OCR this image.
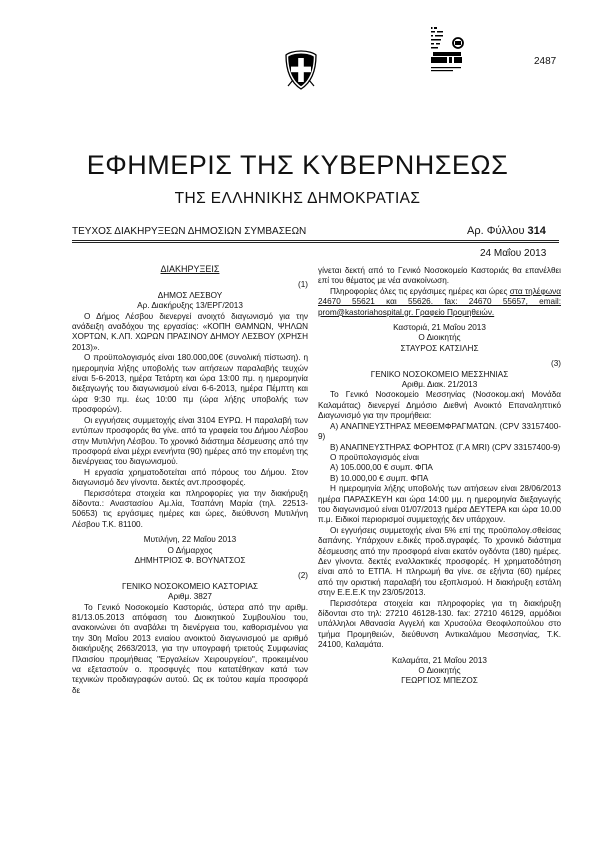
2487
ΕΦΗΜΕΡΙΣ ΤΗΣ ΚΥΒΕΡΝΗΣΕΩΣ
ΤΗΣ ΕΛΛΗΝΙΚΗΣ ΔΗΜΟΚΡΑΤΙΑΣ
ΤΕΥΧΟΣ ΔΙΑΚΗΡΥΞΕΩΝ ΔΗΜΟΣΙΩΝ ΣΥΜΒΑΣΕΩΝ	Αρ. Φύλλου 314
24 Μαΐου 2013

ΔΙΑΚΗΡΥΞΕΙΣ

(1)

ΔΗΜΟΣ ΛΕΣΒΟΥ

Αρ. Διακήρυξης 13/ΕΡΓ/2013

Ο Δήμος Λέσβου διενεργεί ανοιχτό διαγωνισμό για την ανάδειξη αναδόχου της εργασίας: «ΚΟΠΗ ΘΑΜΝΩΝ, ΨΗΛΩΝ ΧΟΡΤΩΝ, Κ.ΛΠ. ΧΩΡΩΝ ΠΡΑΣΙΝΟΥ ΔΗΜΟΥ ΛΕΣΒΟΥ (ΧΡΗΣΗ 2013)».

Ο προϋπολογισμός είναι 180.000,00€ (συνολική πίστωση). η ημερομηνία λήξης υποβολής των αιτήσεων παραλαβής τευχών είναι 5-6-2013, ημέρα Τετάρτη και ώρα 13:00 πμ. η ημερομηνία διεξαγωγής του διαγωνισμού είναι 6-6-2013, ημέρα Πέμπτη και ώρα 9:30 πμ. έως 10:00 πμ (ώρα λήξης υποβολής των προσφορών).

Οι εγγυήσεις συμμετοχής είναι 3104 ΕΥΡΩ. Η παραλαβή των εντύπων προσφοράς θα γίνε. από τα γραφεία του Δήμου Λέσβου στην Μυτιλήνη Λέσβου. Το χρονικό διάστημα δέσμευσης από την προσφορά είναι μέχρι ενενήντα (90) ημέρες από την επομένη της διενέργειας του διαγωνισμού.

Η εργασία χρηματοδοτείται από πόρους του Δήμου. Στον διαγωνισμό δεν γίνοντα. δεκτές αντ.προσφορές.

Περισσότερα στοιχεία και πληροφορίες για την διακήρυξη δίδοντα.: Αναστασίου Αμ.λία, Τσαπάνη Μαρία (τηλ. 22513-50653) τις εργάσιμες ημέρες και ώρες, διεύθυνση Μυτιλήνη Λέσβου Τ.Κ. 81100.

Μυτιλήνη, 22 Μαΐου 2013

Ο Δήμαρχος

ΔΗΜΗΤΡΙΟΣ Φ. ΒΟΥΝΑΤΣΟΣ

(2)

ΓΕΝΙΚΟ ΝΟΣΟΚΟΜΕΙΟ ΚΑΣΤΟΡΙΑΣ

Αριθμ. 3827

Το Γενικό Νοσοκομείο Καστοριάς, ύστερα από την αριθμ. 81/13.05.2013 απόφαση του Διοικητικού Συμβουλίου του, ανακοινώνει ότι αναβάλει τη διενέργεια του, καθορισμένου για την 30η Μαΐου 2013 ενιαίου ανοικτού διαγωνισμού με αριθμό διακήρυξης 2663/2013, για την υπογραφή τριετούς Συμφωνίας Πλαισίου προμήθειας "Εργαλείων Χειρουργείου", προκειμένου να εξεταστούν ο. προσφυγές που κατατέθηκαν κατά των τεχνικών προδιαγραφών αυτού. Ως εκ τούτου καμία προσφορά δε

γίνεται δεκτή από το Γενικό Νοσοκομείο Καστοριάς θα επανέλθει επί του θέματος με νέα ανακοίνωση.

Πληροφορίες όλες τις εργάσιμες ημέρες και ώρες στα τηλέφωνα 24670 55621 και 55626. fax: 24670 55657, email: prom@kastoriahospital.gr. Γραφείο Προμηθειών.

Καστοριά, 21 Μαΐου 2013

Ο Διοικητής

ΣΤΑΥΡΟΣ ΚΑΤΣΙΛΗΣ

(3)

ΓΕΝΙΚΟ ΝΟΣΟΚΟΜΕΙΟ ΜΕΣΣΗΝΙΑΣ

Αριθμ. Διακ. 21/2013

Το Γενικό Νοσοκομείο Μεσσηνίας (Νοσοκομ.ακή Μονάδα Καλαμάτας) διενεργεί Δημόσιο Διεθνή Ανοικτό Επαναληπτικό Διαγωνισμό για την προμήθεια:

Α) ΑΝΑΠΝΕΥΣΤΗΡΑΣ ΜΕΘΕΜΦΡΑΓΜΑΤΩΝ. (CPV 33157400-9)

Β) ΑΝΑΠΝΕΥΣΤΗΡΑΣ ΦΟΡΗΤΟΣ (Γ.Α ΜRI) (CPV 33157400-9)

Ο προϋπολογισμός είναι

Α) 105.000,00 € συμπ. ΦΠΑ

Β) 10.000,00 € συμπ. ΦΠΑ

Η ημερομηνία λήξης υποβολής των αιτήσεων είναι 28/06/2013 ημέρα ΠΑΡΑΣΚΕΥΗ και ώρα 14:00 μμ. η ημερομηνία διεξαγωγής του διαγωνισμού είναι 01/07/2013 ημέρα ΔΕΥΤΕΡΑ και ώρα 10.00 π.μ. Ειδικοί περιορισμοί συμμετοχής δεν υπάρχουν.

Οι εγγυήσεις συμμετοχής είναι 5% επί της προϋπολογ.σθείσας δαπάνης. Υπάρχουν ε.δικές προδ.αγραφές. Το χρονικό διάστημα δέσμευσης από την προσφορά είναι εκατόν ογδόντα (180) ημέρες. Δεν γίνοντα. δεκτές εναλλακτικές προσφορές. Η χρηματοδότηση είναι από το ΕΤΠΑ. Η πληρωμή θα γίνε. σε εξήντα (60) ημέρες από την οριστική παραλαβή του εξοπλισμού. Η διακήρυξη εστάλη στην Ε.Ε.Ε.Κ την 23/05/2013.

Περισσότερα στοιχεία και πληροφορίες για τη διακήρυξη δίδονται στο τηλ: 27210 46128-130. fax: 27210 46129, αρμόδιοι υπάλληλοι Αθανασία Αγγελή και Χρυσούλα Θεοφιλοπούλου στο τμήμα Προμηθειών, διεύθυνση Αντικαλάμου Μεσσηνίας, Τ.Κ. 24100, Καλαμάτα.

Καλαμάτα, 21 Μαΐου 2013

Ο Διοικητής

ΓΕΩΡΓΙΟΣ ΜΠΕΖΟΣ
